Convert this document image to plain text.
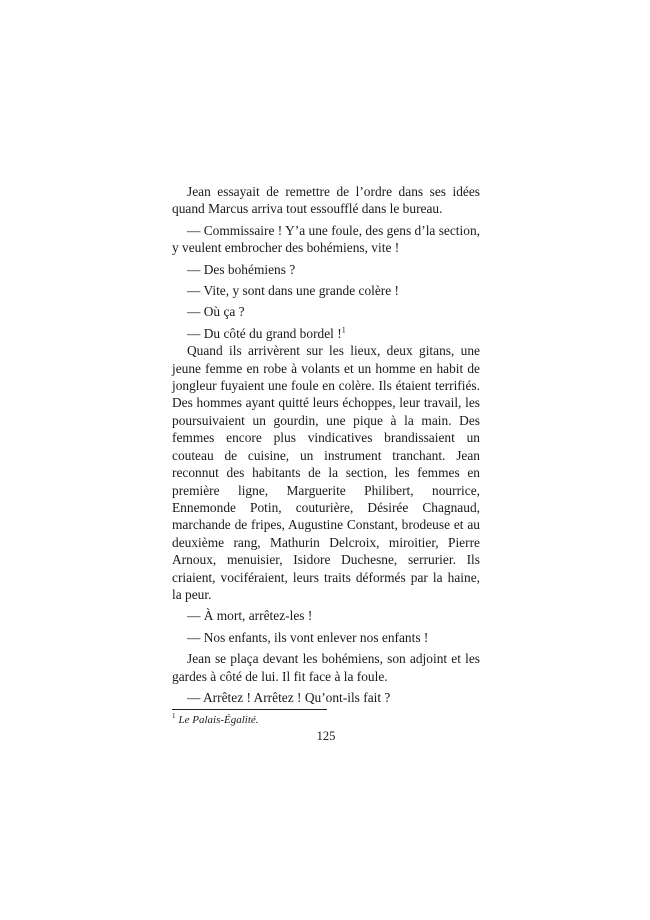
Jean essayait de remettre de l’ordre dans ses idées quand Marcus arriva tout essoufflé dans le bureau.

— Commissaire ! Y’a une foule, des gens d’la section, y veulent embrocher des bohémiens, vite !

— Des bohémiens ?

— Vite, y sont dans une grande colère !

— Où ça ?

— Du côté du grand bordel !$^1$

Quand ils arrivèrent sur les lieux, deux gitans, une jeune femme en robe à volants et un homme en habit de jongleur fuyaient une foule en colère. Ils étaient terrifiés. Des hommes ayant quitté leurs échoppes, leur travail, les poursuivaient un gourdin, une pique à la main. Des femmes encore plus vindicatives brandissaient un couteau de cuisine, un instrument tranchant. Jean reconnut des habitants de la section, les femmes en première ligne, Marguerite Philibert, nourrice, Ennemonde Potin, couturière, Désirée Chagnaud, marchande de fripes, Augustine Constant, brodeuse et au deuxième rang, Mathurin Delcroix, miroitier, Pierre Arnoux, menuisier, Isidore Duchesne, serrurier. Ils criaient, vociféraient, leurs traits déformés par la haine, la peur.

— À mort, arrêtez-les !

— Nos enfants, ils vont enlever nos enfants !

Jean se plaça devant les bohémiens, son adjoint et les gardes à côté de lui. Il fit face à la foule.

— Arrêtez ! Arrêtez ! Qu’ont-ils fait ?

$^1$ Le Palais-Égalité.
125
